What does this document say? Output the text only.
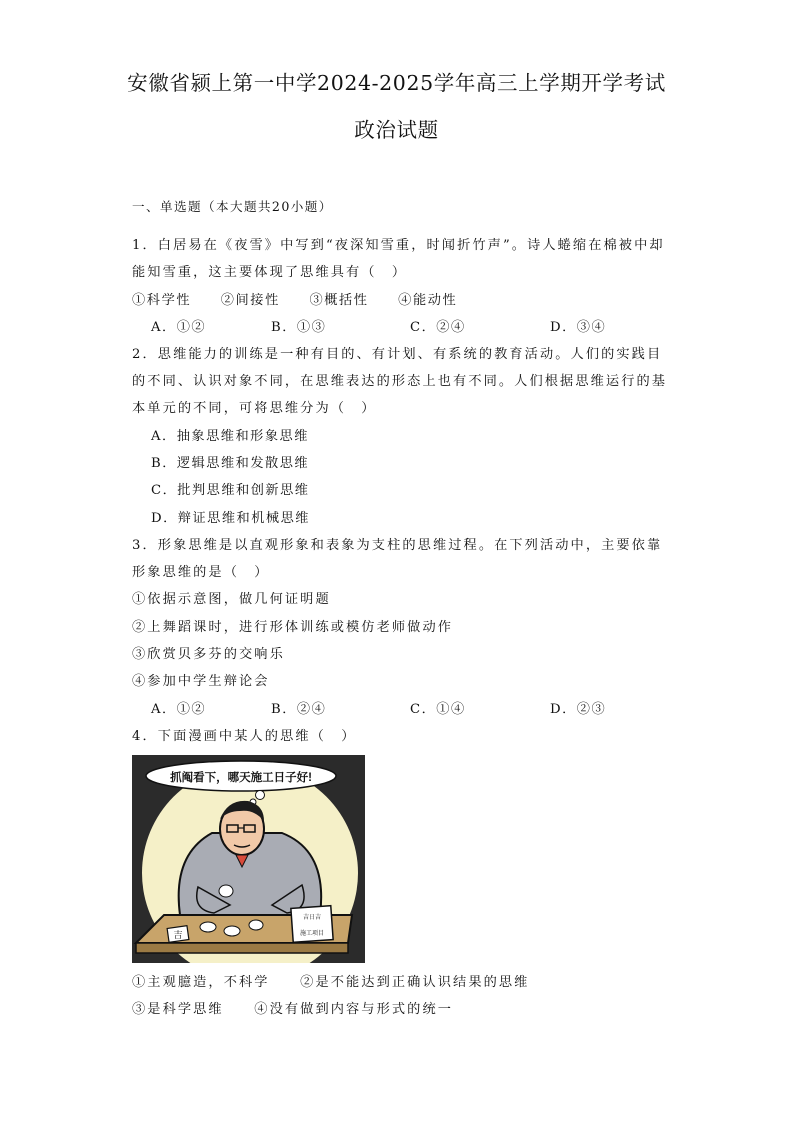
安徽省颍上第一中学2024-2025学年高三上学期开学考试
政治试题
一、单选题（本大题共20小题）
1．白居易在《夜雪》中写到“夜深知雪重，时闻折竹声”。诗人蜷缩在棉被中却
能知雪重，这主要体现了思维具有（　）
①科学性　　②间接性　　③概括性　　④能动性
A．①②	B．①③	C．②④	D．③④
2．思维能力的训练是一种有目的、有计划、有系统的教育活动。人们的实践目
的不同、认识对象不同，在思维表达的形态上也有不同。人们根据思维运行的基
本单元的不同，可将思维分为（　）
A．抽象思维和形象思维
B．逻辑思维和发散思维
C．批判思维和创新思维
D．辩证思维和机械思维
3．形象思维是以直观形象和表象为支柱的思维过程。在下列活动中，主要依靠
形象思维的是（　）
①依据示意图，做几何证明题
②上舞蹈课时，进行形体训练或模仿老师做动作
③欣赏贝多芬的交响乐
④参加中学生辩论会
A．①②	B．②④	C．①④	D．②③
4．下面漫画中某人的思维（　）
抓阄看下，哪天施工日子好!
吉
吉日吉
施工项目
①主观臆造，不科学　　②是不能达到正确认识结果的思维
③是科学思维　　④没有做到内容与形式的统一
